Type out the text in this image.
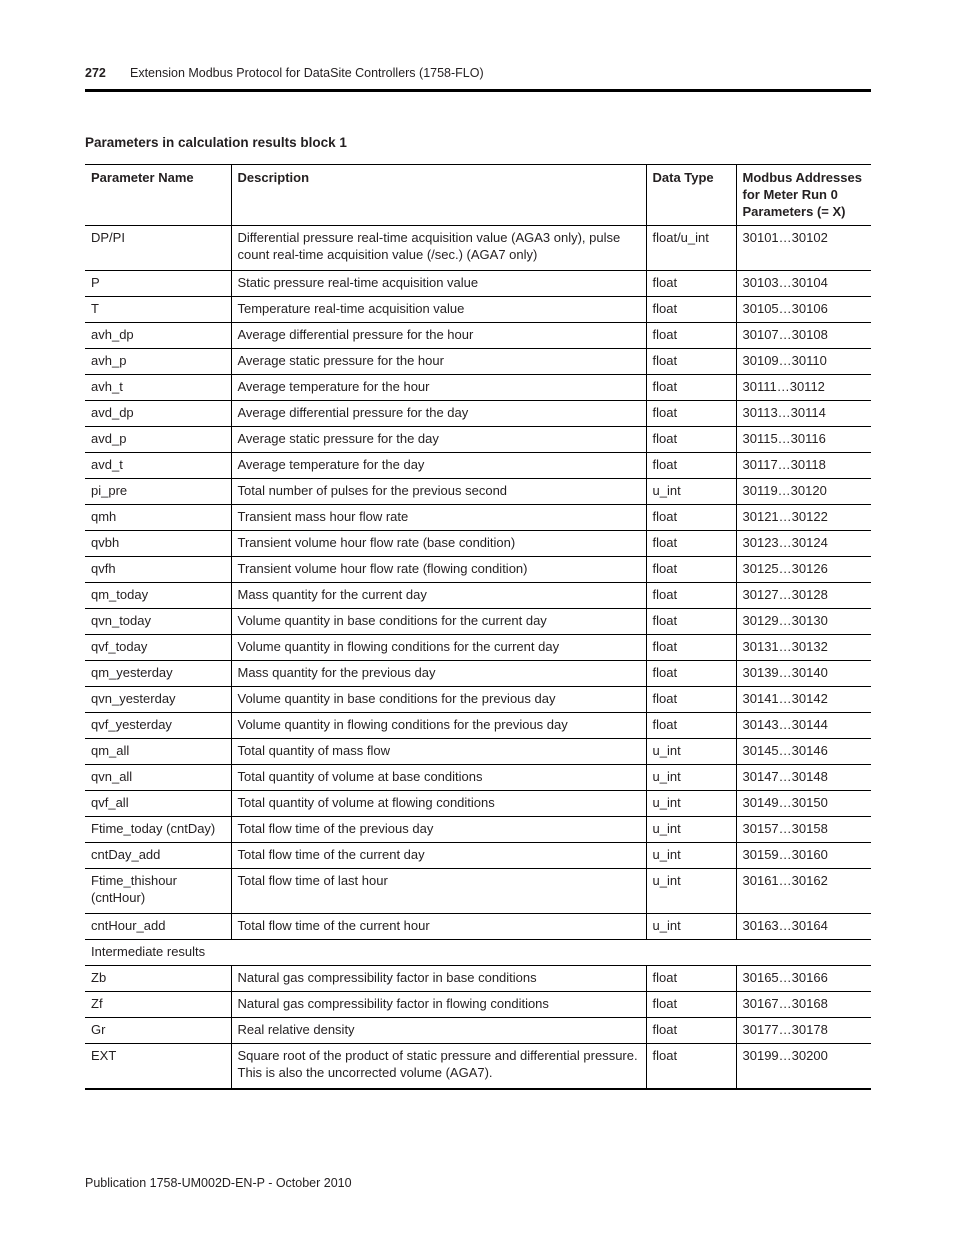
272 Extension Modbus Protocol for DataSite Controllers (1758-FLO)
Parameters in calculation results block 1
Parameter Name	Description	Data Type	Modbus Addresses for Meter Run 0 Parameters (= X)
DP/PI	Differential pressure real-time acquisition value (AGA3 only), pulse count real-time acquisition value (/sec.) (AGA7 only)	float/u_int	30101…30102
P	Static pressure real-time acquisition value	float	30103…30104
T	Temperature real-time acquisition value	float	30105…30106
avh_dp	Average differential pressure for the hour	float	30107…30108
avh_p	Average static pressure for the hour	float	30109…30110
avh_t	Average temperature for the hour	float	30111…30112
avd_dp	Average differential pressure for the day	float	30113…30114
avd_p	Average static pressure for the day	float	30115…30116
avd_t	Average temperature for the day	float	30117…30118
pi_pre	Total number of pulses for the previous second	u_int	30119…30120
qmh	Transient mass hour flow rate	float	30121…30122
qvbh	Transient volume hour flow rate (base condition)	float	30123…30124
qvfh	Transient volume hour flow rate (flowing condition)	float	30125…30126
qm_today	Mass quantity for the current day	float	30127…30128
qvn_today	Volume quantity in base conditions for the current day	float	30129…30130
qvf_today	Volume quantity in flowing conditions for the current day	float	30131…30132
qm_yesterday	Mass quantity for the previous day	float	30139…30140
qvn_yesterday	Volume quantity in base conditions for the previous day	float	30141…30142
qvf_yesterday	Volume quantity in flowing conditions for the previous day	float	30143…30144
qm_all	Total quantity of mass flow	u_int	30145…30146
qvn_all	Total quantity of volume at base conditions	u_int	30147…30148
qvf_all	Total quantity of volume at flowing conditions	u_int	30149…30150
Ftime_today (cntDay)	Total flow time of the previous day	u_int	30157…30158
cntDay_add	Total flow time of the current day	u_int	30159…30160
Ftime_thishour (cntHour)	Total flow time of last hour	u_int	30161…30162
cntHour_add	Total flow time of the current hour	u_int	30163…30164
Intermediate results			
Zb	Natural gas compressibility factor in base conditions	float	30165…30166
Zf	Natural gas compressibility factor in flowing conditions	float	30167…30168
Gr	Real relative density	float	30177…30178
EXT	Square root of the product of static pressure and differential pressure. This is also the uncorrected volume (AGA7).	float	30199…30200
Publication 1758-UM002D-EN-P - October 2010
